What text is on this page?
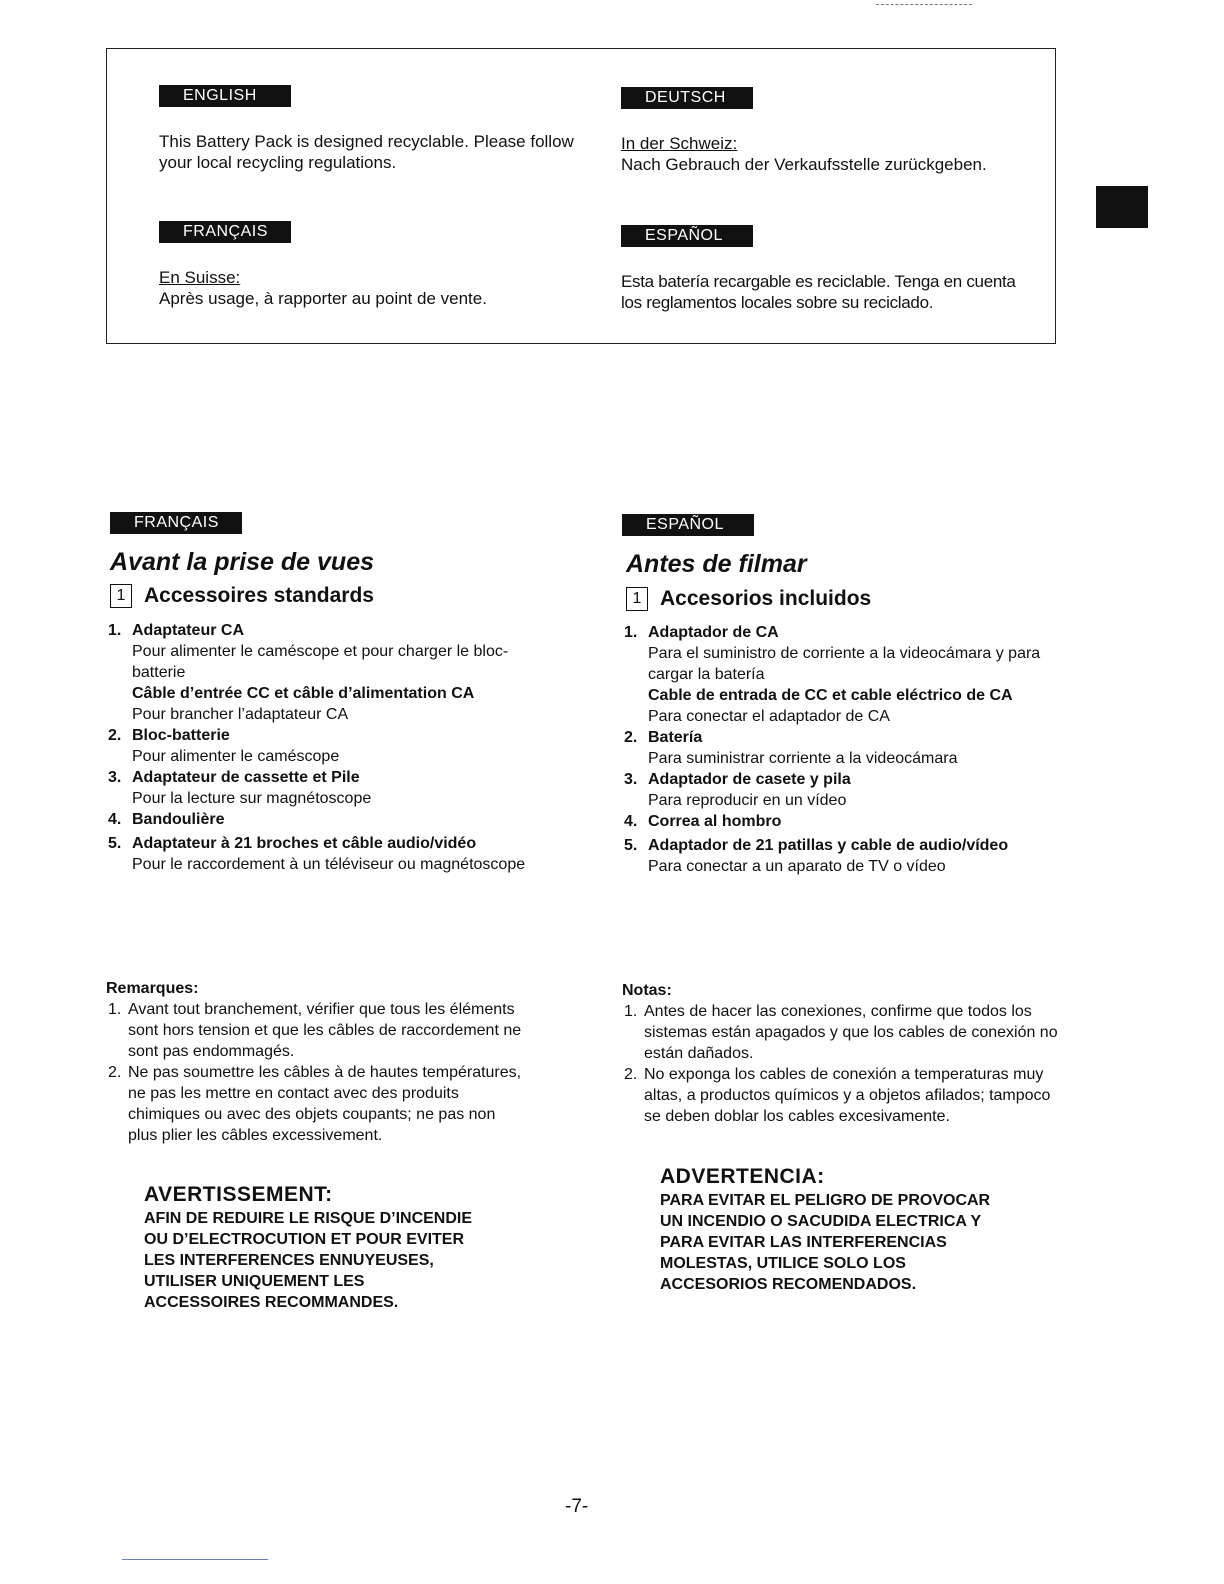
ENGLISH
This Battery Pack is designed recyclable. Please follow your local recycling regulations.
DEUTSCH
In der Schweiz:
Nach Gebrauch der Verkaufsstelle zurückgeben.
FRANÇAIS
En Suisse:
Après usage, à rapporter au point de vente.
ESPAÑOL
Esta batería recargable es reciclable. Tenga en cuenta los reglamentos locales sobre su reciclado.
FRANÇAIS
Avant la prise de vues
1 Accessoires standards
1. Adaptateur CA
Pour alimenter le caméscope et pour charger le bloc-batterie
Câble d’entrée CC et câble d’alimentation CA
Pour brancher l’adaptateur CA
2. Bloc-batterie
Pour alimenter le caméscope
3. Adaptateur de cassette et Pile
Pour la lecture sur magnétoscope
4. Bandoulière
5. Adaptateur à 21 broches et câble audio/vidéo
Pour le raccordement à un téléviseur ou magnétoscope
Remarques:
1. Avant tout branchement, vérifier que tous les éléments sont hors tension et que les câbles de raccordement ne sont pas endommagés.
2. Ne pas soumettre les câbles à de hautes températures, ne pas les mettre en contact avec des produits chimiques ou avec des objets coupants; ne pas non plus plier les câbles excessivement.
AVERTISSEMENT:
AFIN DE REDUIRE LE RISQUE D’INCENDIE
OU D’ELECTROCUTION ET POUR EVITER
LES INTERFERENCES ENNUYEUSES,
UTILISER UNIQUEMENT LES
ACCESSOIRES RECOMMANDES.
ESPAÑOL
Antes de filmar
1 Accesorios incluidos
1. Adaptador de CA
Para el suministro de corriente a la videocámara y para cargar la batería
Cable de entrada de CC et cable eléctrico de CA
Para conectar el adaptador de CA
2. Batería
Para suministrar corriente a la videocámara
3. Adaptador de casete y pila
Para reproducir en un vídeo
4. Correa al hombro
5. Adaptador de 21 patillas y cable de audio/vídeo
Para conectar a un aparato de TV o vídeo
Notas:
1. Antes de hacer las conexiones, confirme que todos los sistemas están apagados y que los cables de conexión no están dañados.
2. No exponga los cables de conexión a temperaturas muy altas, a productos químicos y a objetos afilados; tampoco se deben doblar los cables excesivamente.
ADVERTENCIA:
PARA EVITAR EL PELIGRO DE PROVOCAR
UN INCENDIO O SACUDIDA ELECTRICA Y
PARA EVITAR LAS INTERFERENCIAS
MOLESTAS, UTILICE SOLO LOS
ACCESORIOS RECOMENDADOS.
-7-
